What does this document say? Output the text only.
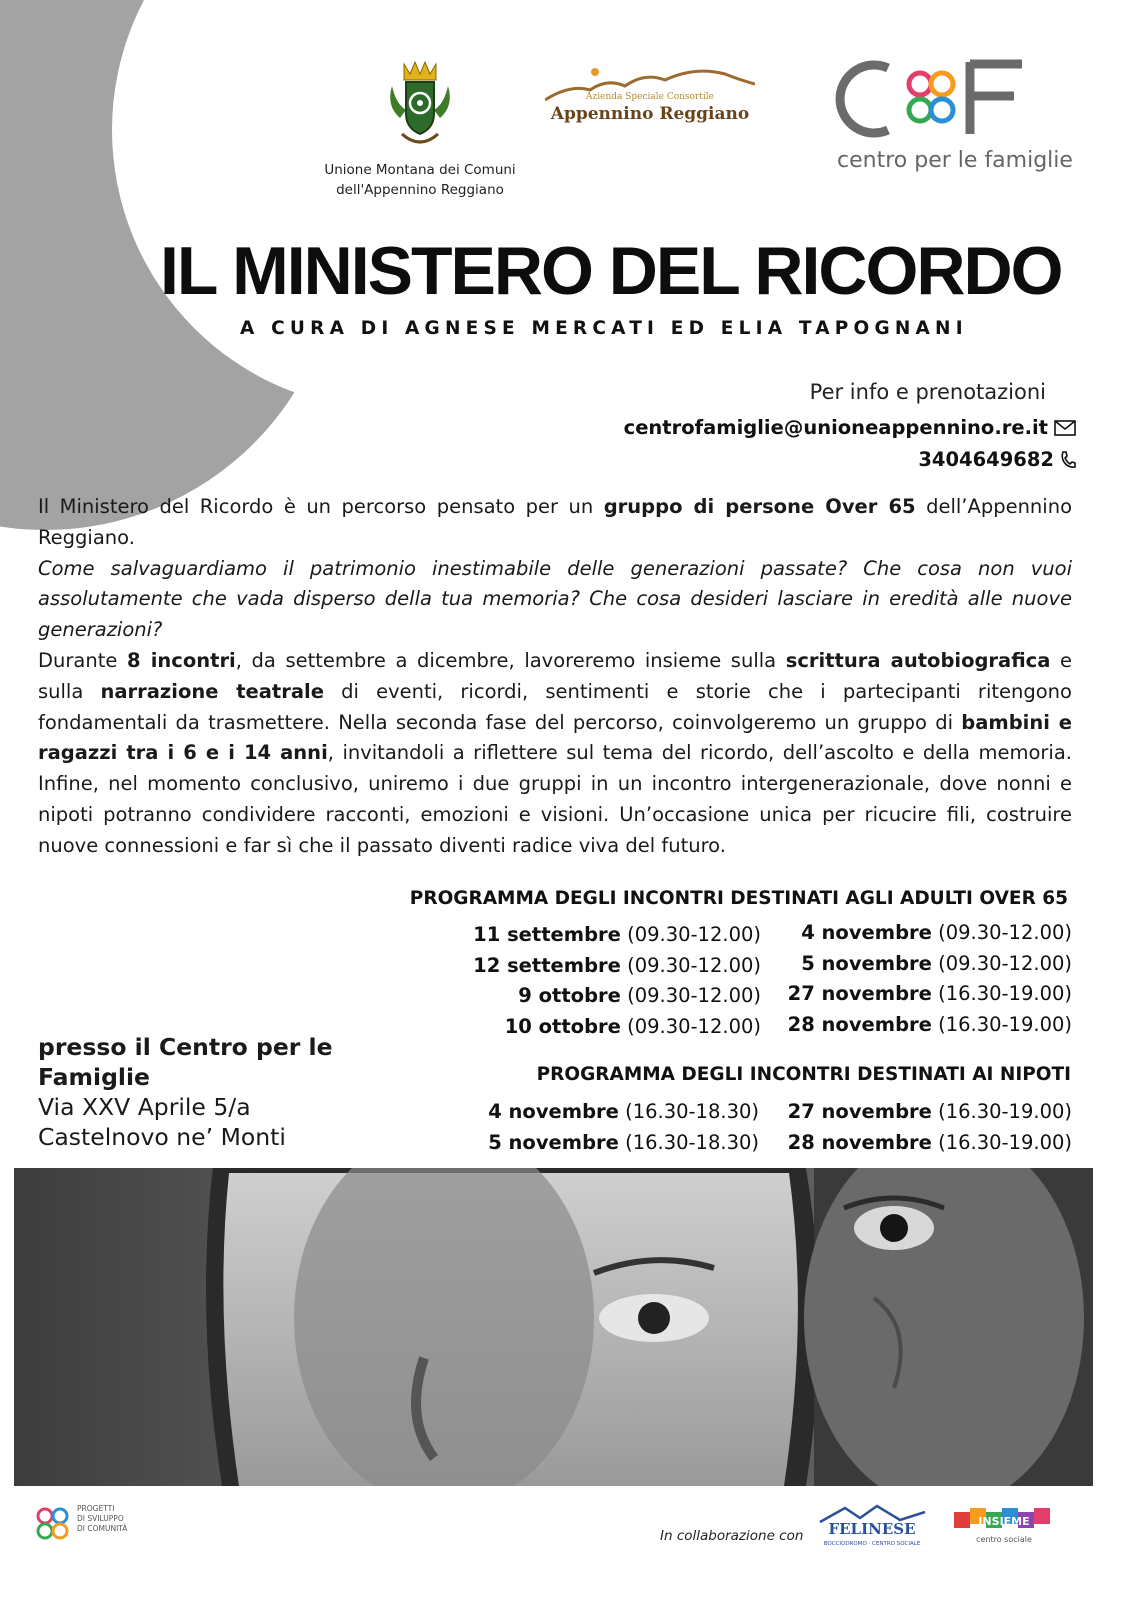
Unione Montana dei Comuni
dell'Appennino Reggiano
Azienda Speciale Consortile
Appennino Reggiano
centro per le famiglie
IL MINISTERO DEL RICORDO
A CURA DI AGNESE MERCATI ED ELIA TAPOGNANI
Per info e prenotazioni
centrofamiglie@unioneappennino.re.it
3404649682

Il Ministero del Ricordo è un percorso pensato per un gruppo di persone Over 65 dell’Appennino Reggiano.

Come salvaguardiamo il patrimonio inestimabile delle generazioni passate? Che cosa non vuoi assolutamente che vada disperso della tua memoria? Che cosa desideri lasciare in eredità alle nuove generazioni?

Durante 8 incontri, da settembre a dicembre, lavoreremo insieme sulla scrittura autobiografica e sulla narrazione teatrale di eventi, ricordi, sentimenti e storie che i partecipanti ritengono fondamentali da trasmettere. Nella seconda fase del percorso, coinvolgeremo un gruppo di bambini e ragazzi tra i 6 e i 14 anni, invitandoli a riflettere sul tema del ricordo, dell’ascolto e della memoria. Infine, nel momento conclusivo, uniremo i due gruppi in un incontro intergenerazionale, dove nonni e nipoti potranno condividere racconti, emozioni e visioni. Un’occasione unica per ricucire fili, costruire nuove connessioni e far sì che il passato diventi radice viva del futuro.

PROGRAMMA DEGLI INCONTRI DESTINATI AGLI ADULTI OVER 65
11 settembre (09.30-12.00)
12 settembre (09.30-12.00)
9 ottobre (09.30-12.00)
10 ottobre (09.30-12.00)
4 novembre (09.30-12.00)
5 novembre (09.30-12.00)
27 novembre (16.30-19.00)
28 novembre (16.30-19.00)
PROGRAMMA DEGLI INCONTRI DESTINATI AI NIPOTI
4 novembre (16.30-18.30)
5 novembre (16.30-18.30)
27 novembre (16.30-19.00)
28 novembre (16.30-19.00)
presso il Centro per le
Famiglie
Via XXV Aprile 5/a
Castelnovo ne’ Monti
PROGETTI
DI SVILUPPO
DI COMUNITÀ	In collaborazione con FELINESE
BOCCIODROMO · CENTRO SOCIALE
INSIEME
centro sociale
